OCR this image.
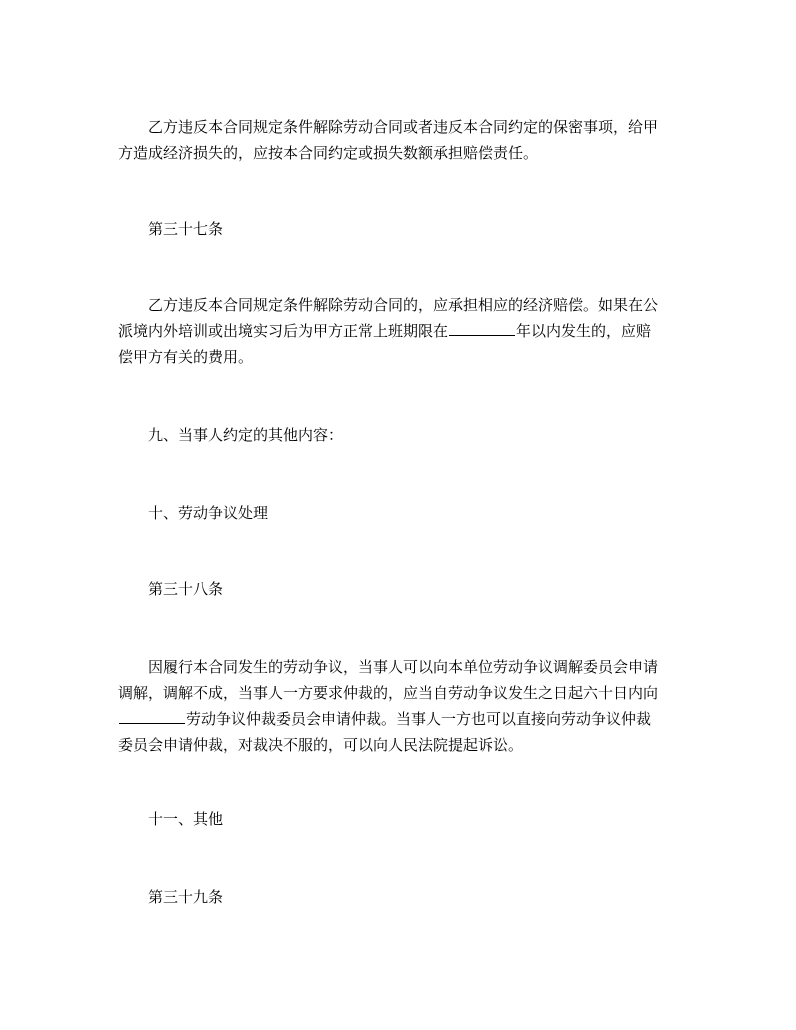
乙方违反本合同规定条件解除劳动合同或者违反本合同约定的保密事项，给甲
方造成经济损失的，应按本合同约定或损失数额承担赔偿责任。
第三十七条
乙方违反本合同规定条件解除劳动合同的，应承担相应的经济赔偿。如果在公
派境内外培训或出境实习后为甲方正常上班期限在	年以内发生的，应赔
偿甲方有关的费用。
九、当事人约定的其他内容：
十、劳动争议处理
第三十八条
因履行本合同发生的劳动争议，当事人可以向本单位劳动争议调解委员会申请
调解，调解不成，当事人一方要求仲裁的，应当自劳动争议发生之日起六十日内向
劳动争议仲裁委员会申请仲裁。当事人一方也可以直接向劳动争议仲裁
委员会申请仲裁，对裁决不服的，可以向人民法院提起诉讼。
十一、其他
第三十九条
